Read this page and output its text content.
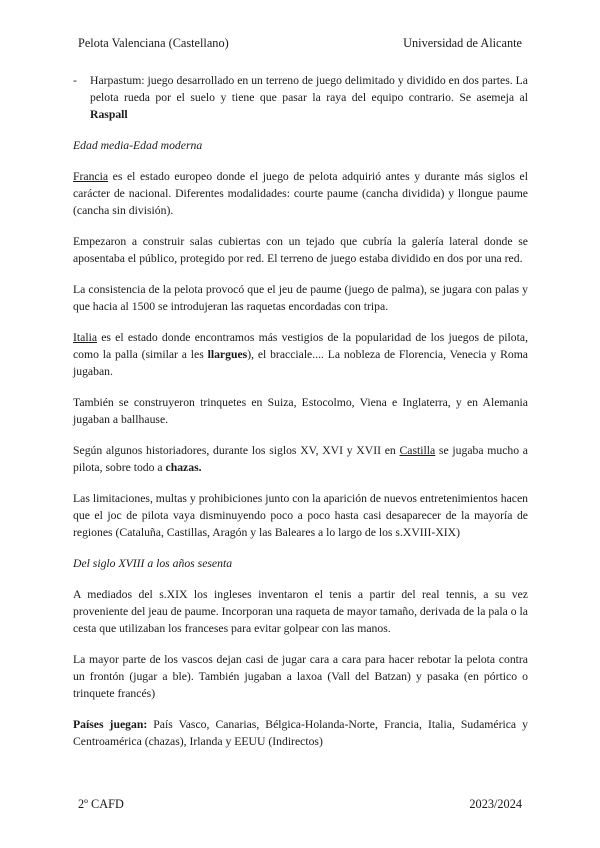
Pelota Valenciana (Castellano)	Universidad de Alicante
-	Harpastum: juego desarrollado en un terreno de juego delimitado y dividido en dos partes. La pelota rueda por el suelo y tiene que pasar la raya del equipo contrario. Se asemeja al Raspall

Edad media-Edad moderna

Francia es el estado europeo donde el juego de pelota adquirió antes y durante más siglos el carácter de nacional. Diferentes modalidades: courte paume (cancha dividida) y llongue paume (cancha sin división).

Empezaron a construir salas cubiertas con un tejado que cubría la galería lateral donde se aposentaba el público, protegido por red. El terreno de juego estaba dividido en dos por una red.

La consistencia de la pelota provocó que el jeu de paume (juego de palma), se jugara con palas y que hacia al 1500 se introdujeran las raquetas encordadas con tripa.

Italia es el estado donde encontramos más vestigios de la popularidad de los juegos de pilota, como la palla (similar a les llargues), el bracciale.... La nobleza de Florencia, Venecia y Roma jugaban.

También se construyeron trinquetes en Suiza, Estocolmo, Viena e Inglaterra, y en Alemania jugaban a ballhause.

Según algunos historiadores, durante los siglos XV, XVI y XVII en Castilla se jugaba mucho a pilota, sobre todo a chazas.

Las limitaciones, multas y prohibiciones junto con la aparición de nuevos entretenimientos hacen que el joc de pilota vaya disminuyendo poco a poco hasta casi desaparecer de la mayoría de regiones (Cataluña, Castillas, Aragón y las Baleares a lo largo de los s.XVIII-XIX)

Del siglo XVIII a los años sesenta

A mediados del s.XIX los ingleses inventaron el tenis a partir del real tennis, a su vez proveniente del jeau de paume. Incorporan una raqueta de mayor tamaño, derivada de la pala o la cesta que utilizaban los franceses para evitar golpear con las manos.

La mayor parte de los vascos dejan casi de jugar cara a cara para hacer rebotar la pelota contra un frontón (jugar a ble). También jugaban a laxoa (Vall del Batzan) y pasaka (en pórtico o trinquete francés)

Países juegan: País Vasco, Canarias, Bélgica-Holanda-Norte, Francia, Italia, Sudamérica y Centroamérica (chazas), Irlanda y EEUU (Indirectos)

2º CAFD	2023/2024
